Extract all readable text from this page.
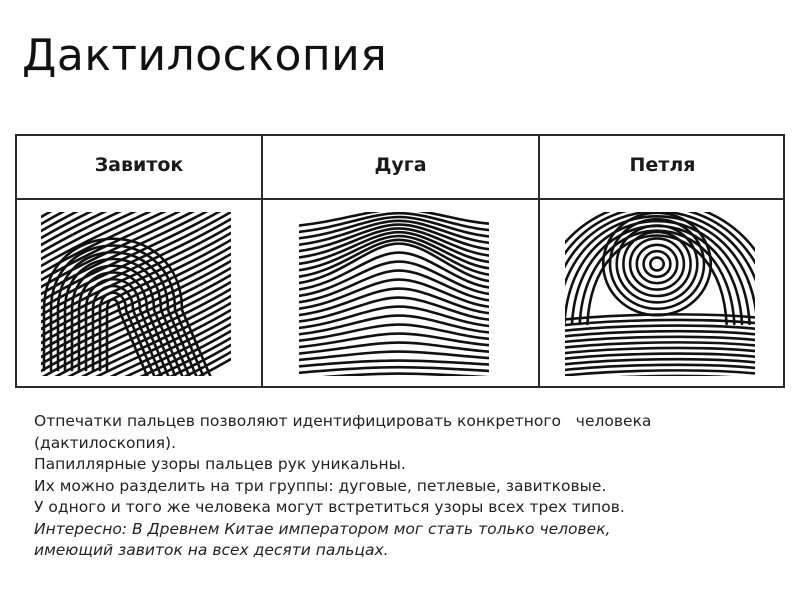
Дактилоскопия
Завиток	Дуга	Петля
Отпечатки пальцев позволяют идентифицировать конкретного   человека
(дактилоскопия).
Папиллярные узоры пальцев рук уникальны.
Их можно разделить на три группы: дуговые, петлевые, завитковые.
У одного и того же человека могут встретиться узоры всех трех типов.
Интересно: В Древнем Китае императором мог стать только человек,
имеющий завиток на всех десяти пальцах.
